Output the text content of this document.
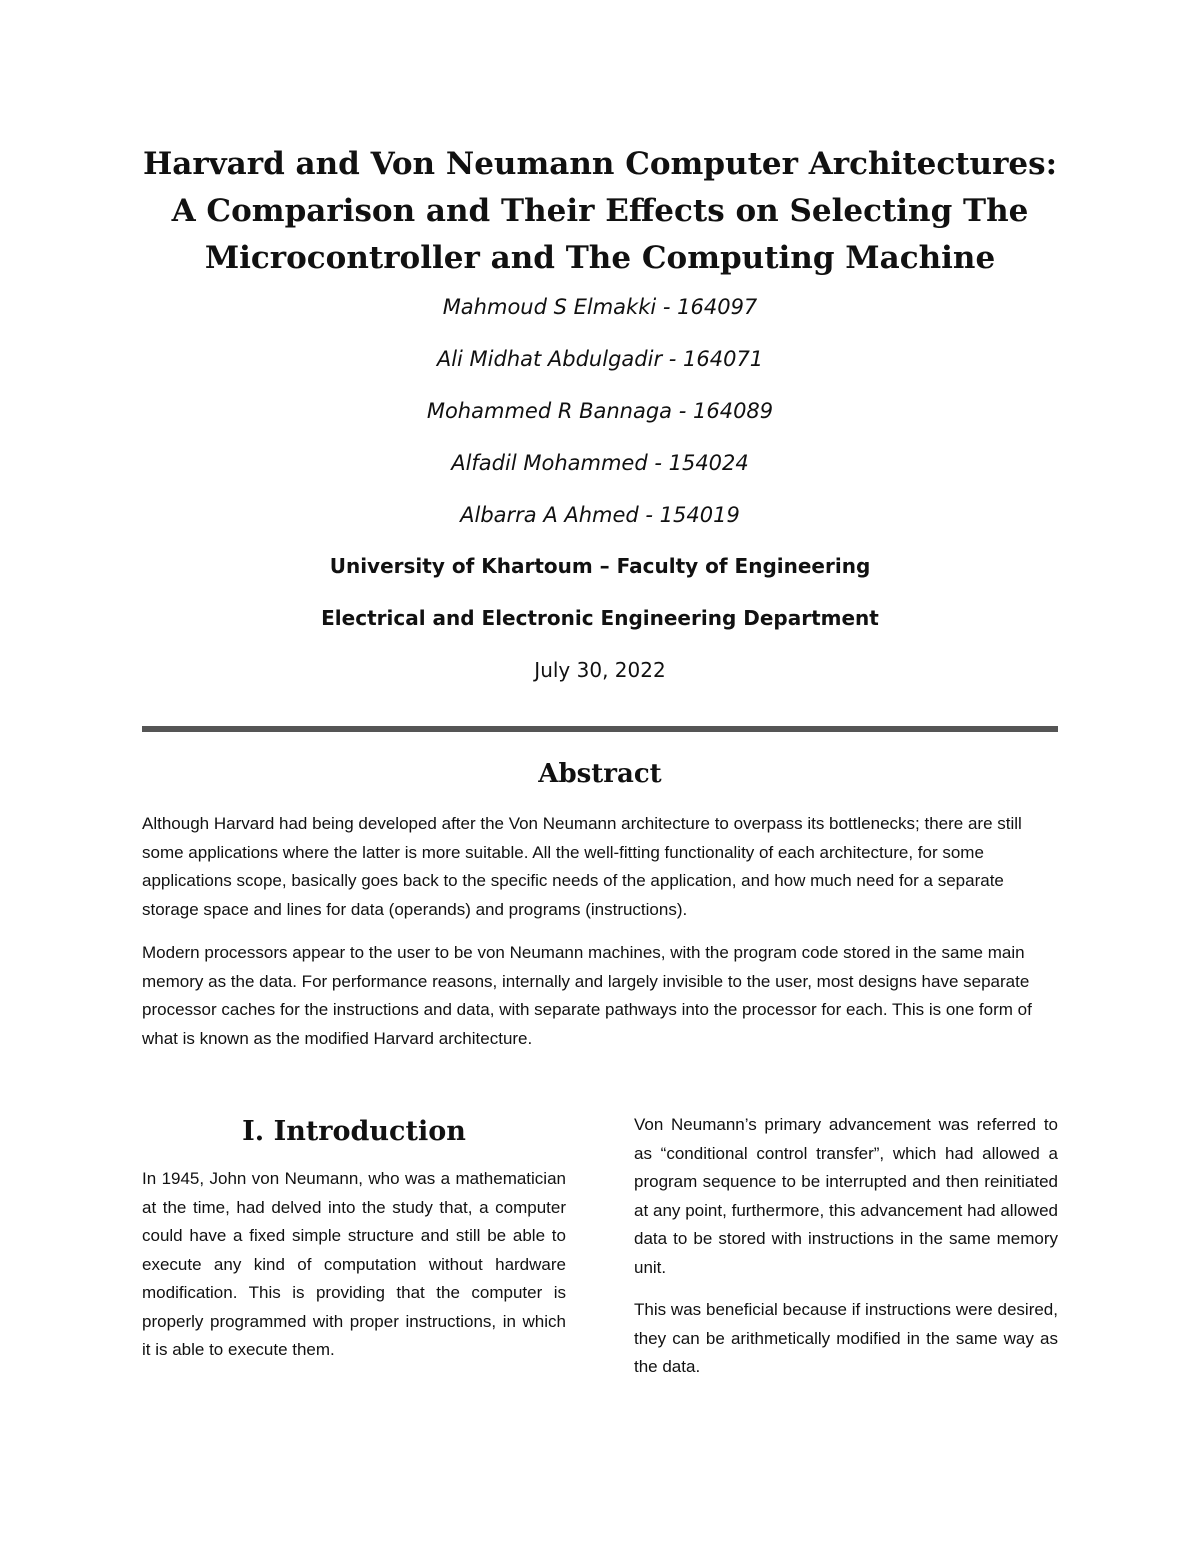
Harvard and Von Neumann Computer Architectures: A Comparison and Their Effects on Selecting The Microcontroller and The Computing Machine
Mahmoud S Elmakki - 164097
Ali Midhat Abdulgadir - 164071
Mohammed R Bannaga - 164089
Alfadil Mohammed - 154024
Albarra A Ahmed - 154019

University of Khartoum – Faculty of Engineering

Electrical and Electronic Engineering Department

July 30, 2022

Abstract

Although Harvard had being developed after the Von Neumann architecture to overpass its bottlenecks; there are still some applications where the latter is more suitable. All the well-fitting functionality of each architecture, for some applications scope, basically goes back to the specific needs of the application, and how much need for a separate storage space and lines for data (operands) and programs (instructions).

Modern processors appear to the user to be von Neumann machines, with the program code stored in the same main memory as the data. For performance reasons, internally and largely invisible to the user, most designs have separate processor caches for the instructions and data, with separate pathways into the processor for each. This is one form of what is known as the modified Harvard architecture.

I. Introduction

In 1945, John von Neumann, who was a mathematician at the time, had delved into the study that, a computer could have a fixed simple structure and still be able to execute any kind of computation without hardware modification. This is providing that the computer is properly programmed with proper instructions, in which it is able to execute them.

Von Neumann’s primary advancement was referred to as “conditional control transfer”, which had allowed a program sequence to be interrupted and then reinitiated at any point, furthermore, this advancement had allowed data to be stored with instructions in the same memory unit.

This was beneficial because if instructions were desired, they can be arithmetically modified in the same way as the data.
